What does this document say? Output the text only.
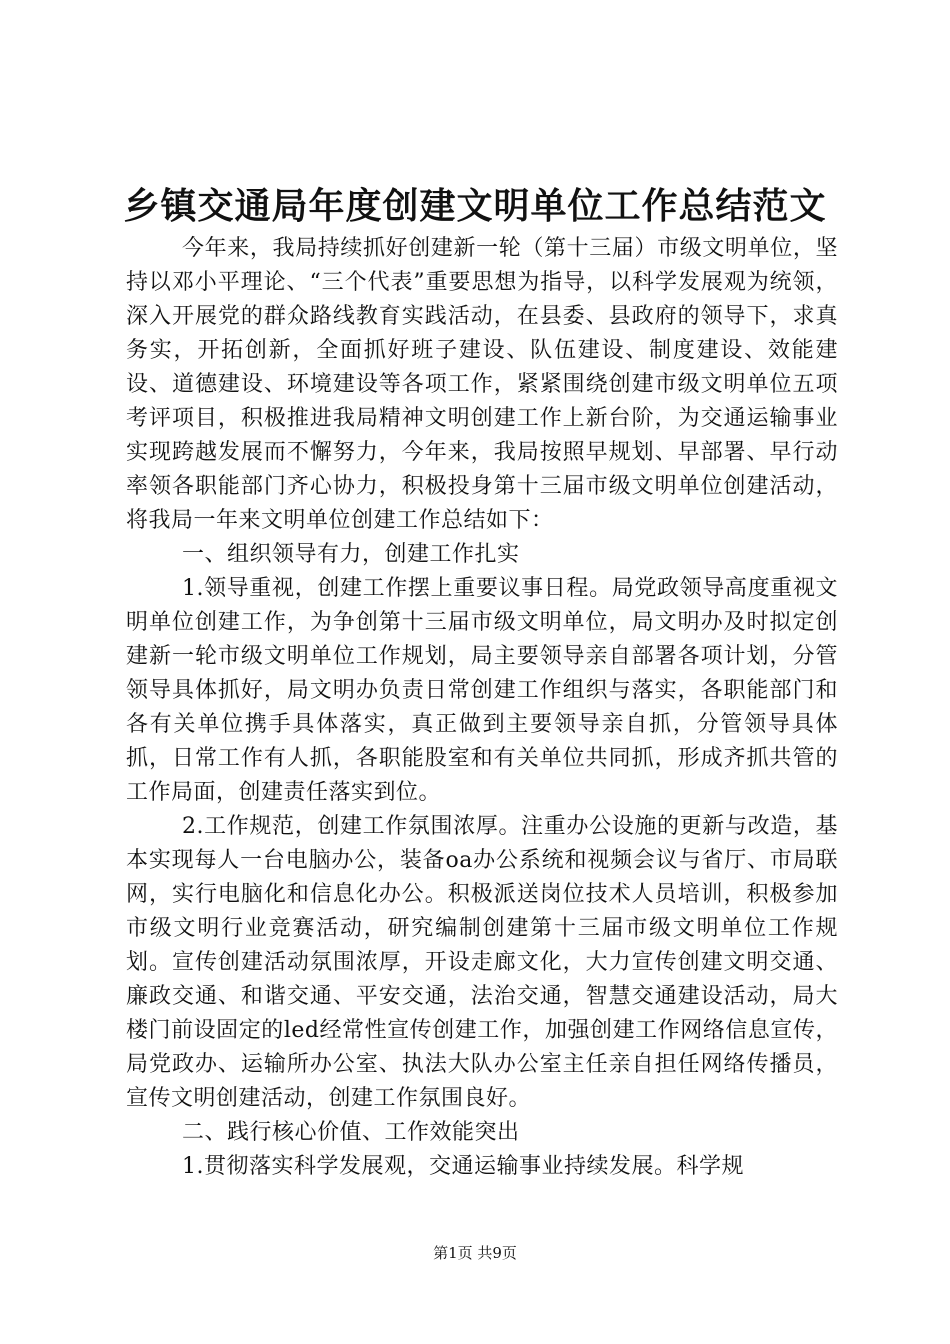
乡镇交通局年度创建文明单位工作总结范文

今年来，我局持续抓好创建新一轮（第十三届）市级文明单位，坚持以邓小平理论、“三个代表”重要思想为指导，以科学发展观为统领，深入开展党的群众路线教育实践活动，在县委、县政府的领导下，求真务实，开拓创新，全面抓好班子建设、队伍建设、制度建设、效能建设、道德建设、环境建设等各项工作，紧紧围绕创建市级文明单位五项考评项目，积极推进我局精神文明创建工作上新台阶，为交通运输事业实现跨越发展而不懈努力，今年来，我局按照早规划、早部署、早行动率领各职能部门齐心协力，积极投身第十三届市级文明单位创建活动，将我局一年来文明单位创建工作总结如下：

一、组织领导有力，创建工作扎实

1.领导重视，创建工作摆上重要议事日程。局党政领导高度重视文明单位创建工作，为争创第十三届市级文明单位，局文明办及时拟定创建新一轮市级文明单位工作规划，局主要领导亲自部署各项计划，分管领导具体抓好，局文明办负责日常创建工作组织与落实，各职能部门和各有关单位携手具体落实，真正做到主要领导亲自抓，分管领导具体抓，日常工作有人抓，各职能股室和有关单位共同抓，形成齐抓共管的工作局面，创建责任落实到位。

2.工作规范，创建工作氛围浓厚。注重办公设施的更新与改造，基本实现每人一台电脑办公，装备oa办公系统和视频会议与省厅、市局联网，实行电脑化和信息化办公。积极派送岗位技术人员培训，积极参加市级文明行业竞赛活动，研究编制创建第十三届市级文明单位工作规划。宣传创建活动氛围浓厚，开设走廊文化，大力宣传创建文明交通、廉政交通、和谐交通、平安交通，法治交通，智慧交通建设活动，局大楼门前设固定的led经常性宣传创建工作，加强创建工作网络信息宣传，局党政办、运输所办公室、执法大队办公室主任亲自担任网络传播员，宣传文明创建活动，创建工作氛围良好。

二、践行核心价值、工作效能突出

1.贯彻落实科学发展观，交通运输事业持续发展。科学规

第1页 共9页
